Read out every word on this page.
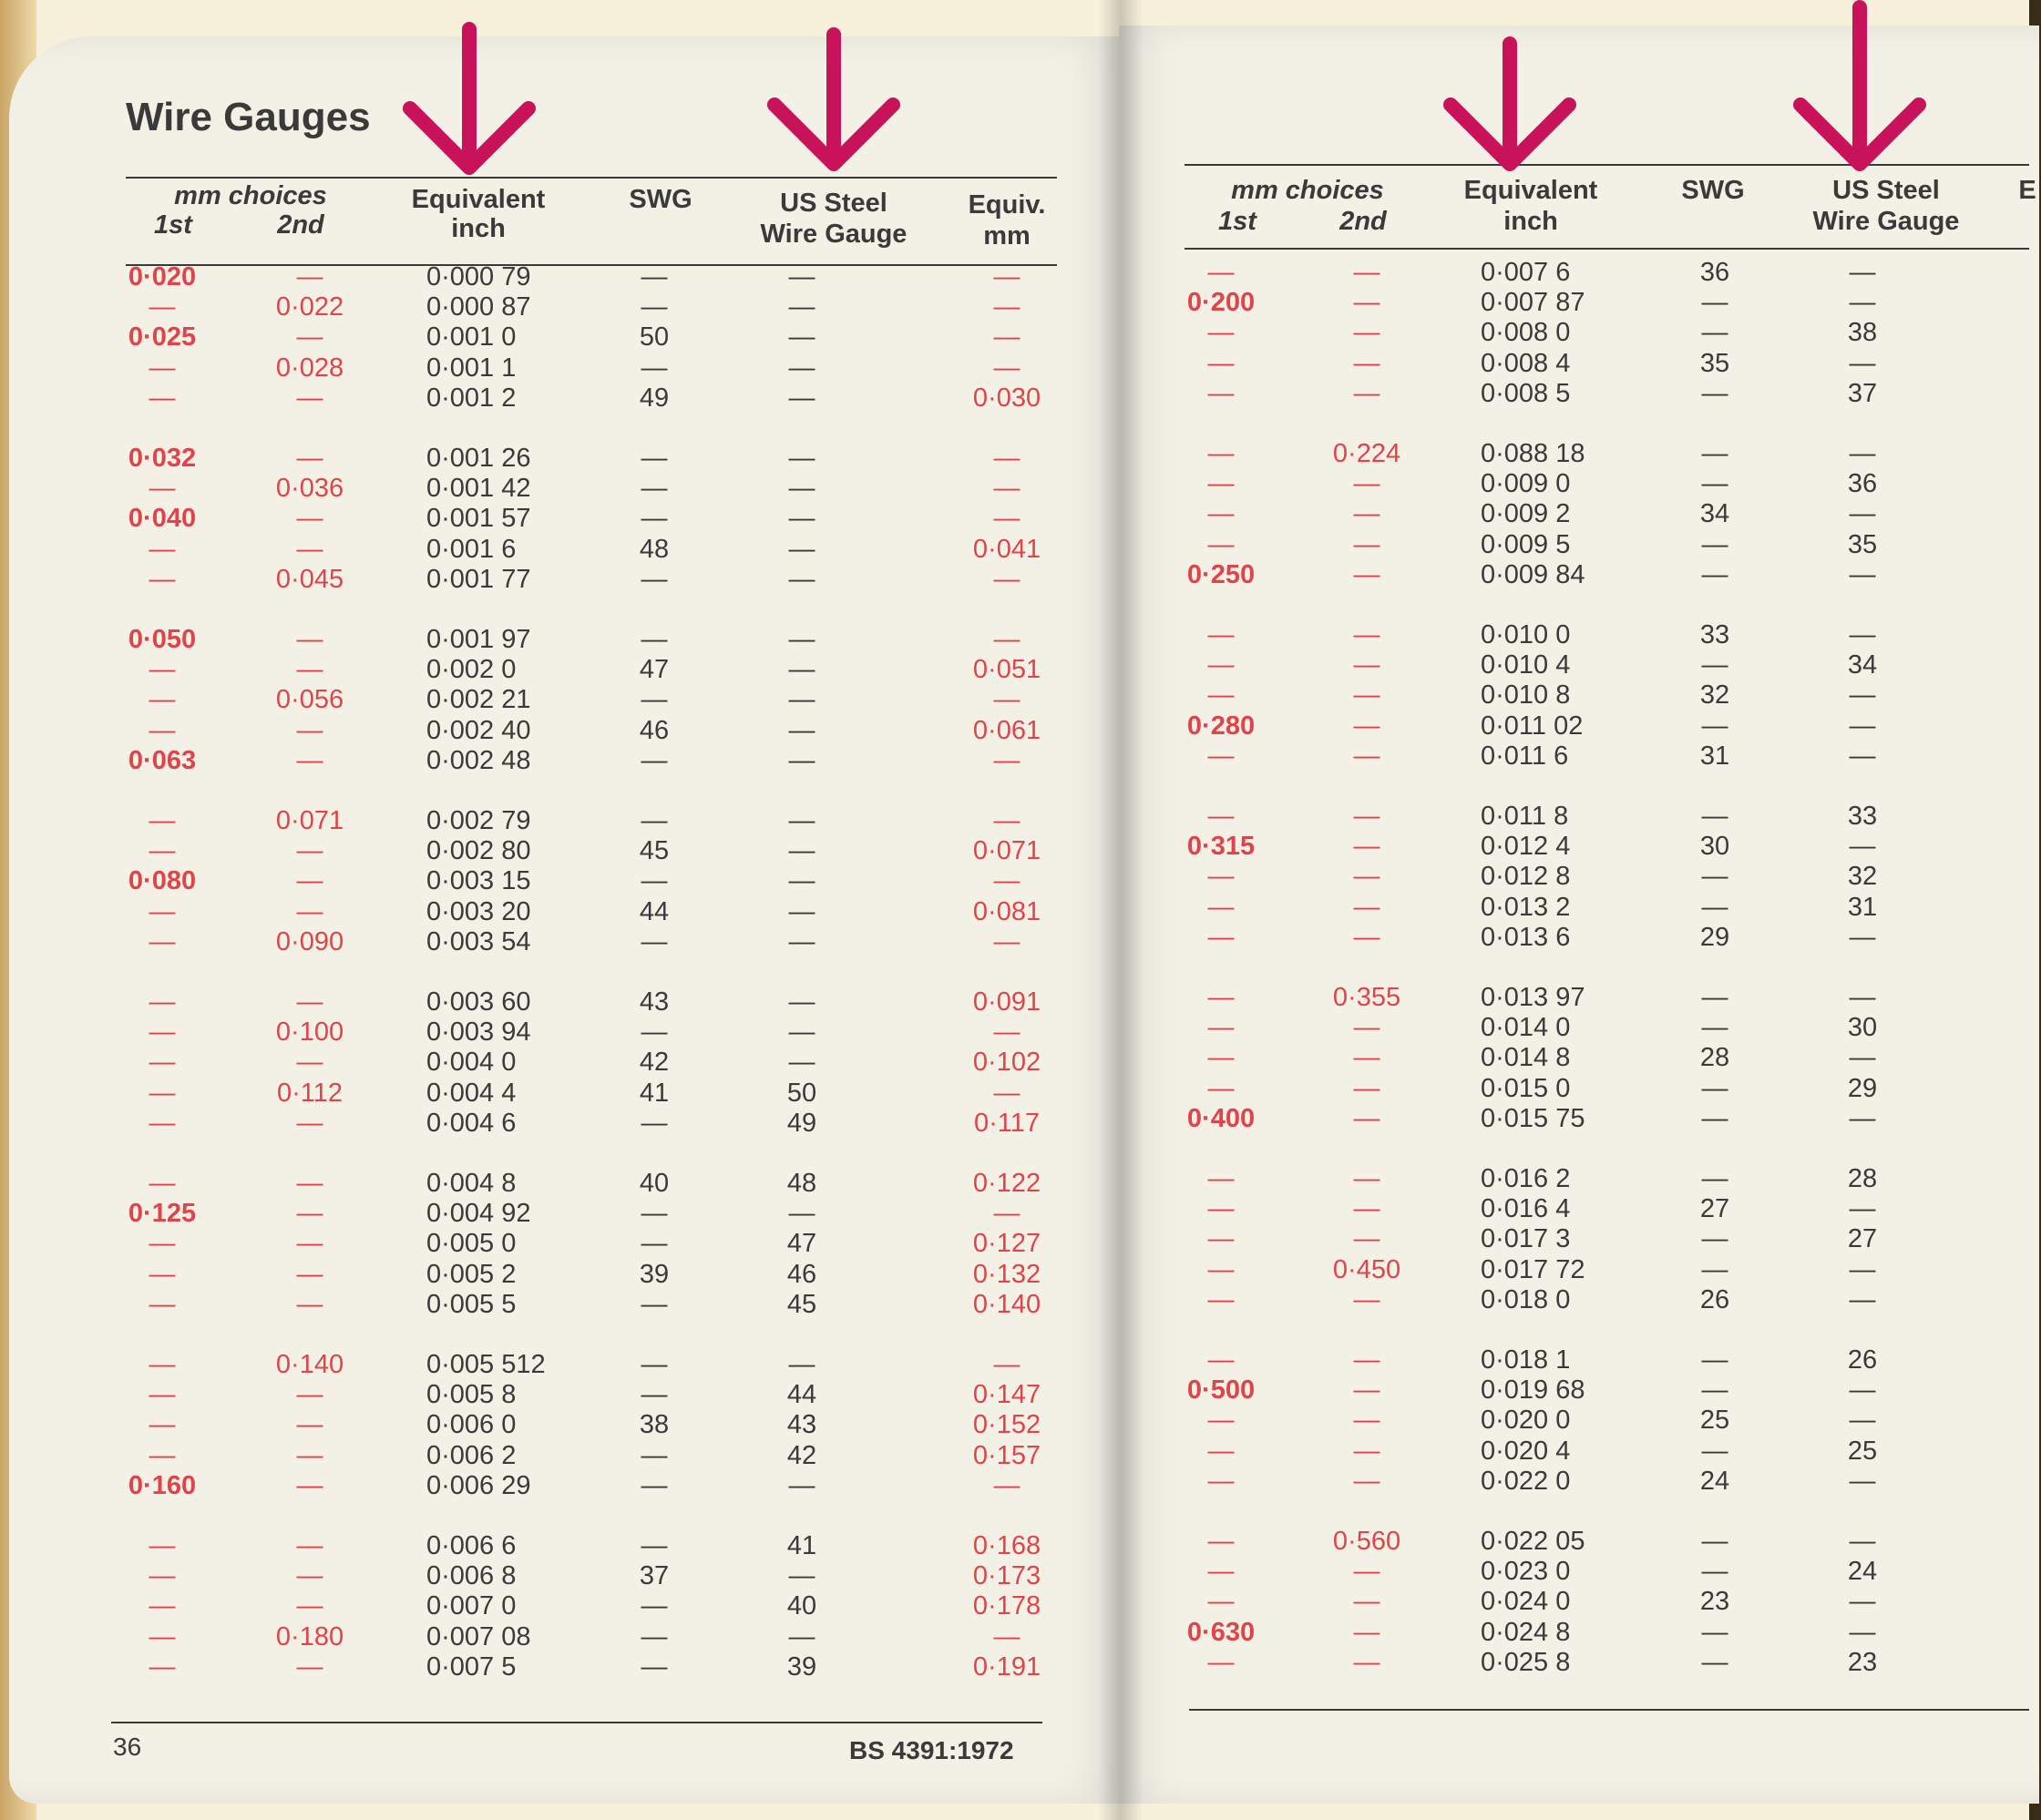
Wire Gauges
mm choices
1st	2nd
Equivalent
inch
SWG	US Steel
Wire Gauge
Equiv.
mm
0·020	—	0·000 79	—	—	—
—	0·022	0·000 87	—	—	—
0·025	—	0·001 0	50	—	—
—	0·028	0·001 1	—	—	—
—	—	0·001 2	49	—	0·030
0·032	—	0·001 26	—	—	—
—	0·036	0·001 42	—	—	—
0·040	—	0·001 57	—	—	—
—	—	0·001 6	48	—	0·041
—	0·045	0·001 77	—	—	—
0·050	—	0·001 97	—	—	—
—	—	0·002 0	47	—	0·051
—	0·056	0·002 21	—	—	—
—	—	0·002 40	46	—	0·061
0·063	—	0·002 48	—	—	—
—	0·071	0·002 79	—	—	—
—	—	0·002 80	45	—	0·071
0·080	—	0·003 15	—	—	—
—	—	0·003 20	44	—	0·081
—	0·090	0·003 54	—	—	—
—	—	0·003 60	43	—	0·091
—	0·100	0·003 94	—	—	—
—	—	0·004 0	42	—	0·102
—	0·112	0·004 4	41	50	—
—	—	0·004 6	—	49	0·117
—	—	0·004 8	40	48	0·122
0·125	—	0·004 92	—	—	—
—	—	0·005 0	—	47	0·127
—	—	0·005 2	39	46	0·132
—	—	0·005 5	—	45	0·140
—	0·140	0·005 512	—	—	—
—	—	0·005 8	—	44	0·147
—	—	0·006 0	38	43	0·152
—	—	0·006 2	—	42	0·157
0·160	—	0·006 29	—	—	—
—	—	0·006 6	—	41	0·168
—	—	0·006 8	37	—	0·173
—	—	0·007 0	—	40	0·178
—	0·180	0·007 08	—	—	—
—	—	0·007 5	—	39	0·191
36	BS 4391:1972
mm choices
1st	2nd
Equivalent
inch
SWG	US Steel
Wire Gauge
E
—	—	0·007 6	36	—
0·200	—	0·007 87	—	—
—	—	0·008 0	—	38
—	—	0·008 4	35	—
—	—	0·008 5	—	37
—	0·224	0·088 18	—	—
—	—	0·009 0	—	36
—	—	0·009 2	34	—
—	—	0·009 5	—	35
0·250	—	0·009 84	—	—
—	—	0·010 0	33	—
—	—	0·010 4	—	34
—	—	0·010 8	32	—
0·280	—	0·011 02	—	—
—	—	0·011 6	31	—
—	—	0·011 8	—	33
0·315	—	0·012 4	30	—
—	—	0·012 8	—	32
—	—	0·013 2	—	31
—	—	0·013 6	29	—
—	0·355	0·013 97	—	—
—	—	0·014 0	—	30
—	—	0·014 8	28	—
—	—	0·015 0	—	29
0·400	—	0·015 75	—	—
—	—	0·016 2	—	28
—	—	0·016 4	27	—
—	—	0·017 3	—	27
—	0·450	0·017 72	—	—
—	—	0·018 0	26	—
—	—	0·018 1	—	26
0·500	—	0·019 68	—	—
—	—	0·020 0	25	—
—	—	0·020 4	—	25
—	—	0·022 0	24	—
—	0·560	0·022 05	—	—
—	—	0·023 0	—	24
—	—	0·024 0	23	—
0·630	—	0·024 8	—	—
—	—	0·025 8	—	23
